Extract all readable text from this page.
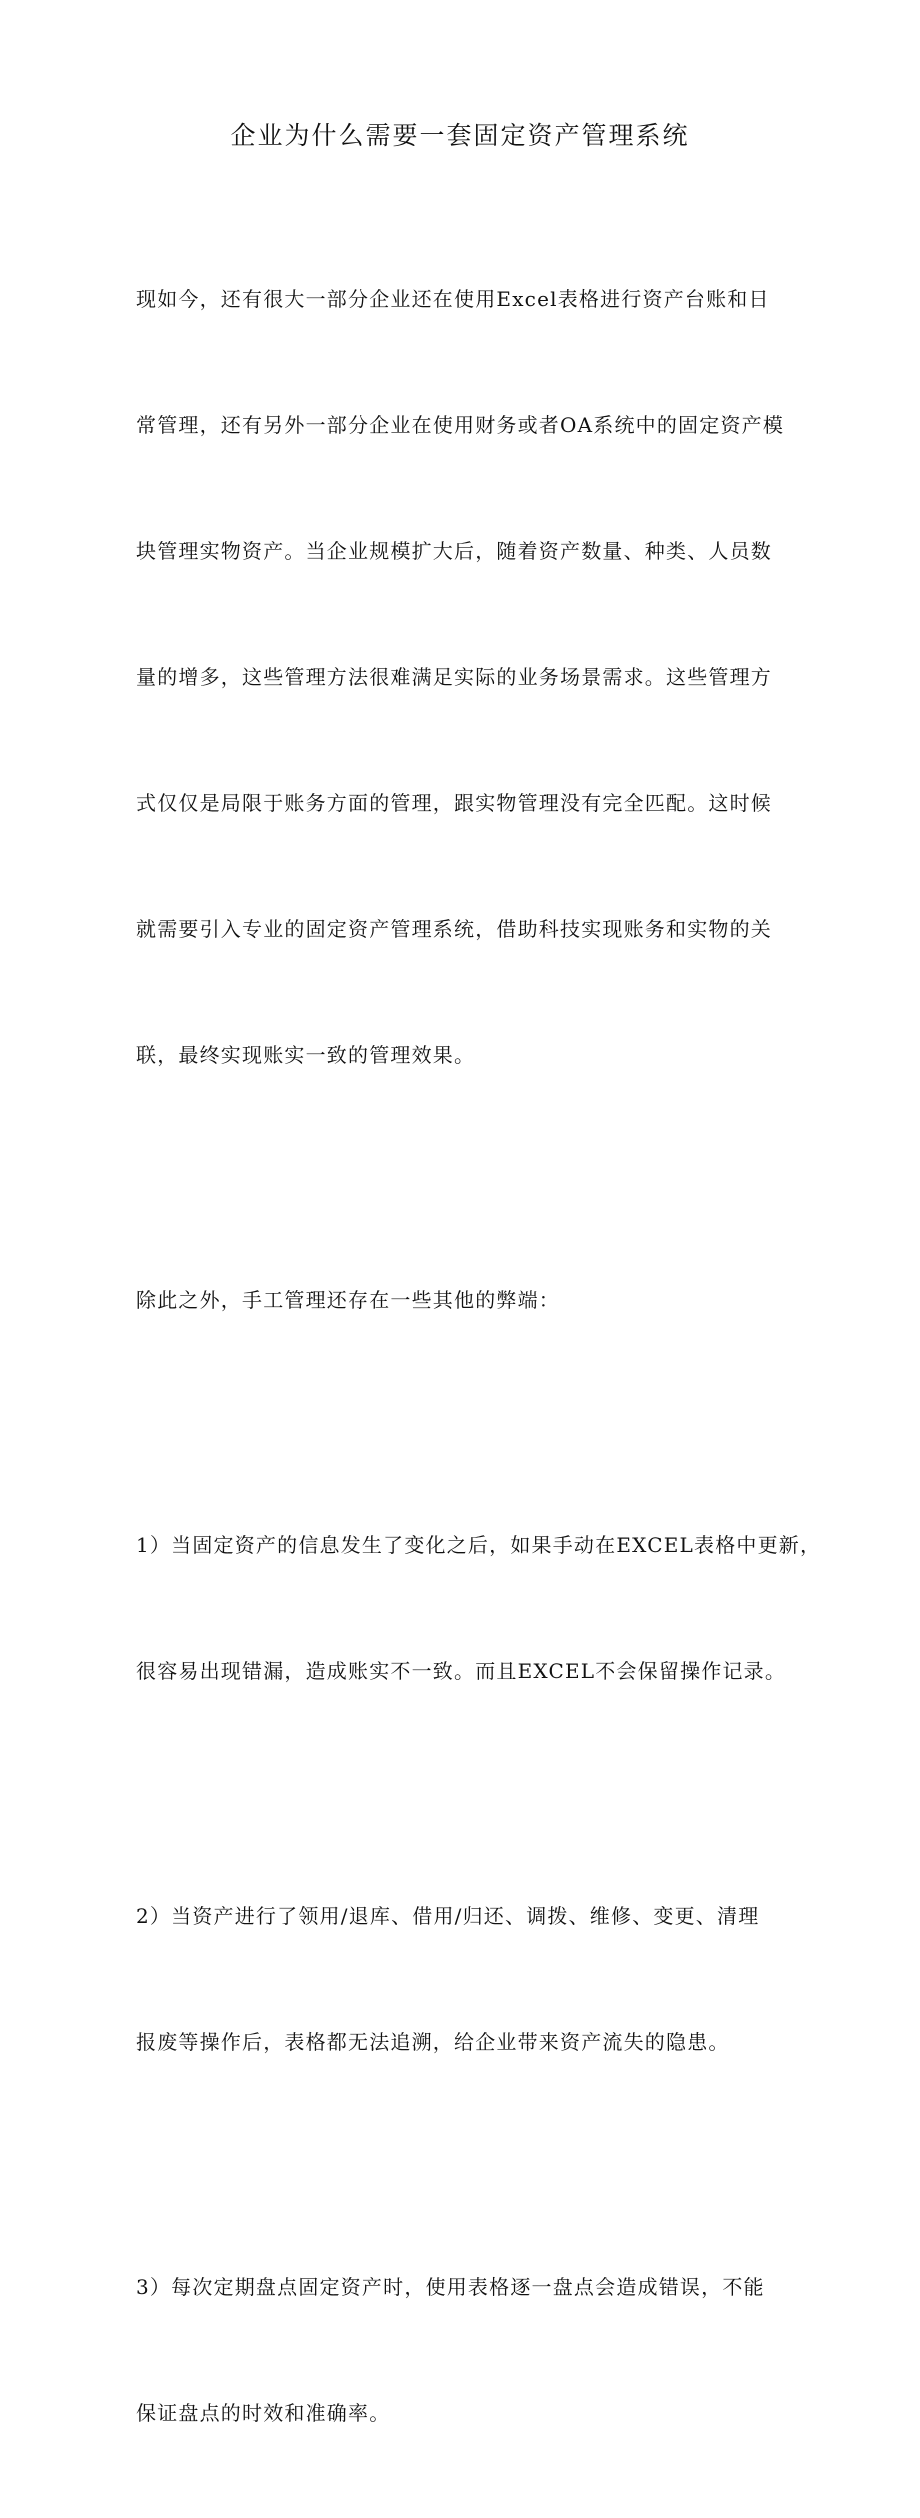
企业为什么需要一套固定资产管理系统

现如今，还有很大一部分企业还在使用Excel表格进行资产台账和日

常管理，还有另外一部分企业在使用财务或者OA系统中的固定资产模

块管理实物资产。当企业规模扩大后，随着资产数量、种类、人员数

量的增多，这些管理方法很难满足实际的业务场景需求。这些管理方

式仅仅是局限于账务方面的管理，跟实物管理没有完全匹配。这时候

就需要引入专业的固定资产管理系统，借助科技实现账务和实物的关

联，最终实现账实一致的管理效果。

除此之外，手工管理还存在一些其他的弊端：

1）当固定资产的信息发生了变化之后，如果手动在EXCEL表格中更新，

很容易出现错漏，造成账实不一致。而且EXCEL不会保留操作记录。

2）当资产进行了领用/退库、借用/归还、调拨、维修、变更、清理

报废等操作后，表格都无法追溯，给企业带来资产流失的隐患。

3）每次定期盘点固定资产时，使用表格逐一盘点会造成错误，不能

保证盘点的时效和准确率。
